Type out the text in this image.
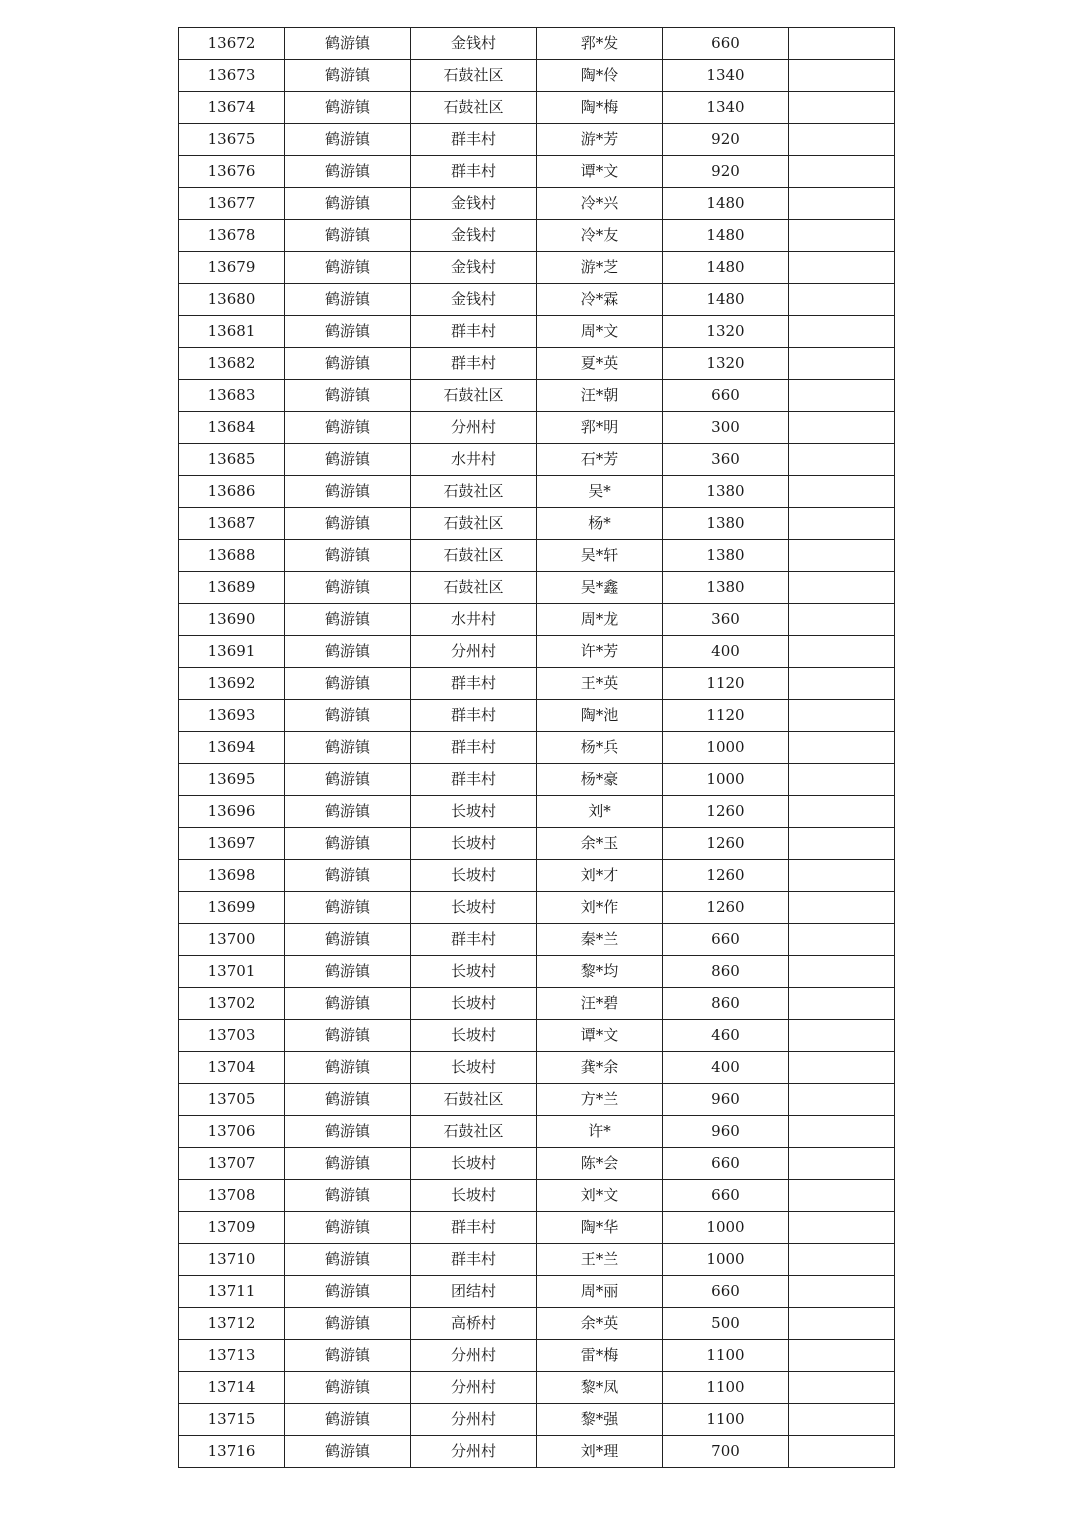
13672	鹤游镇	金钱村	郛*发	660	
13673	鹤游镇	石鼓社区	陶*伶	1340	
13674	鹤游镇	石鼓社区	陶*梅	1340	
13675	鹤游镇	群丰村	游*芳	920	
13676	鹤游镇	群丰村	谭*文	920	
13677	鹤游镇	金钱村	冷*兴	1480	
13678	鹤游镇	金钱村	冷*友	1480	
13679	鹤游镇	金钱村	游*芝	1480	
13680	鹤游镇	金钱村	冷*霖	1480	
13681	鹤游镇	群丰村	周*文	1320	
13682	鹤游镇	群丰村	夏*英	1320	
13683	鹤游镇	石鼓社区	汪*朝	660	
13684	鹤游镇	分州村	郛*明	300	
13685	鹤游镇	水井村	石*芳	360	
13686	鹤游镇	石鼓社区	吴*	1380	
13687	鹤游镇	石鼓社区	杨*	1380	
13688	鹤游镇	石鼓社区	吴*轩	1380	
13689	鹤游镇	石鼓社区	吴*鑫	1380	
13690	鹤游镇	水井村	周*龙	360	
13691	鹤游镇	分州村	许*芳	400	
13692	鹤游镇	群丰村	王*英	1120	
13693	鹤游镇	群丰村	陶*池	1120	
13694	鹤游镇	群丰村	杨*兵	1000	
13695	鹤游镇	群丰村	杨*豪	1000	
13696	鹤游镇	长坡村	刘*	1260	
13697	鹤游镇	长坡村	余*玉	1260	
13698	鹤游镇	长坡村	刘*才	1260	
13699	鹤游镇	长坡村	刘*作	1260	
13700	鹤游镇	群丰村	秦*兰	660	
13701	鹤游镇	长坡村	黎*均	860	
13702	鹤游镇	长坡村	汪*碧	860	
13703	鹤游镇	长坡村	谭*文	460	
13704	鹤游镇	长坡村	龚*余	400	
13705	鹤游镇	石鼓社区	方*兰	960	
13706	鹤游镇	石鼓社区	许*	960	
13707	鹤游镇	长坡村	陈*会	660	
13708	鹤游镇	长坡村	刘*文	660	
13709	鹤游镇	群丰村	陶*华	1000	
13710	鹤游镇	群丰村	王*兰	1000	
13711	鹤游镇	团结村	周*丽	660	
13712	鹤游镇	高桥村	余*英	500	
13713	鹤游镇	分州村	雷*梅	1100	
13714	鹤游镇	分州村	黎*凤	1100	
13715	鹤游镇	分州村	黎*强	1100	
13716	鹤游镇	分州村	刘*理	700	
